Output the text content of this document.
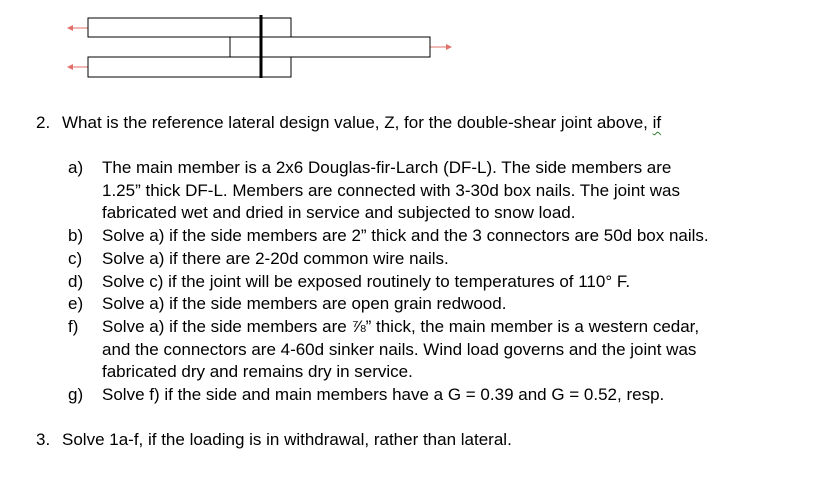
2. What is the reference lateral design value, Z, for the double-shear joint above, if
a) The main member is a 2x6 Douglas-fir-Larch (DF-L). The side members are
1.25” thick DF-L. Members are connected with 3-30d box nails. The joint was
fabricated wet and dried in service and subjected to snow load.
b) Solve a) if the side members are 2” thick and the 3 connectors are 50d box nails.
c) Solve a) if there are 2-20d common wire nails.
d) Solve c) if the joint will be exposed routinely to temperatures of 110° F.
e) Solve a) if the side members are open grain redwood.
f) Solve a) if the side members are ⅞” thick, the main member is a western cedar,
and the connectors are 4-60d sinker nails. Wind load governs and the joint was
fabricated dry and remains dry in service.
g) Solve f) if the side and main members have a G = 0.39 and G = 0.52, resp.
3. Solve 1a-f, if the loading is in withdrawal, rather than lateral.
